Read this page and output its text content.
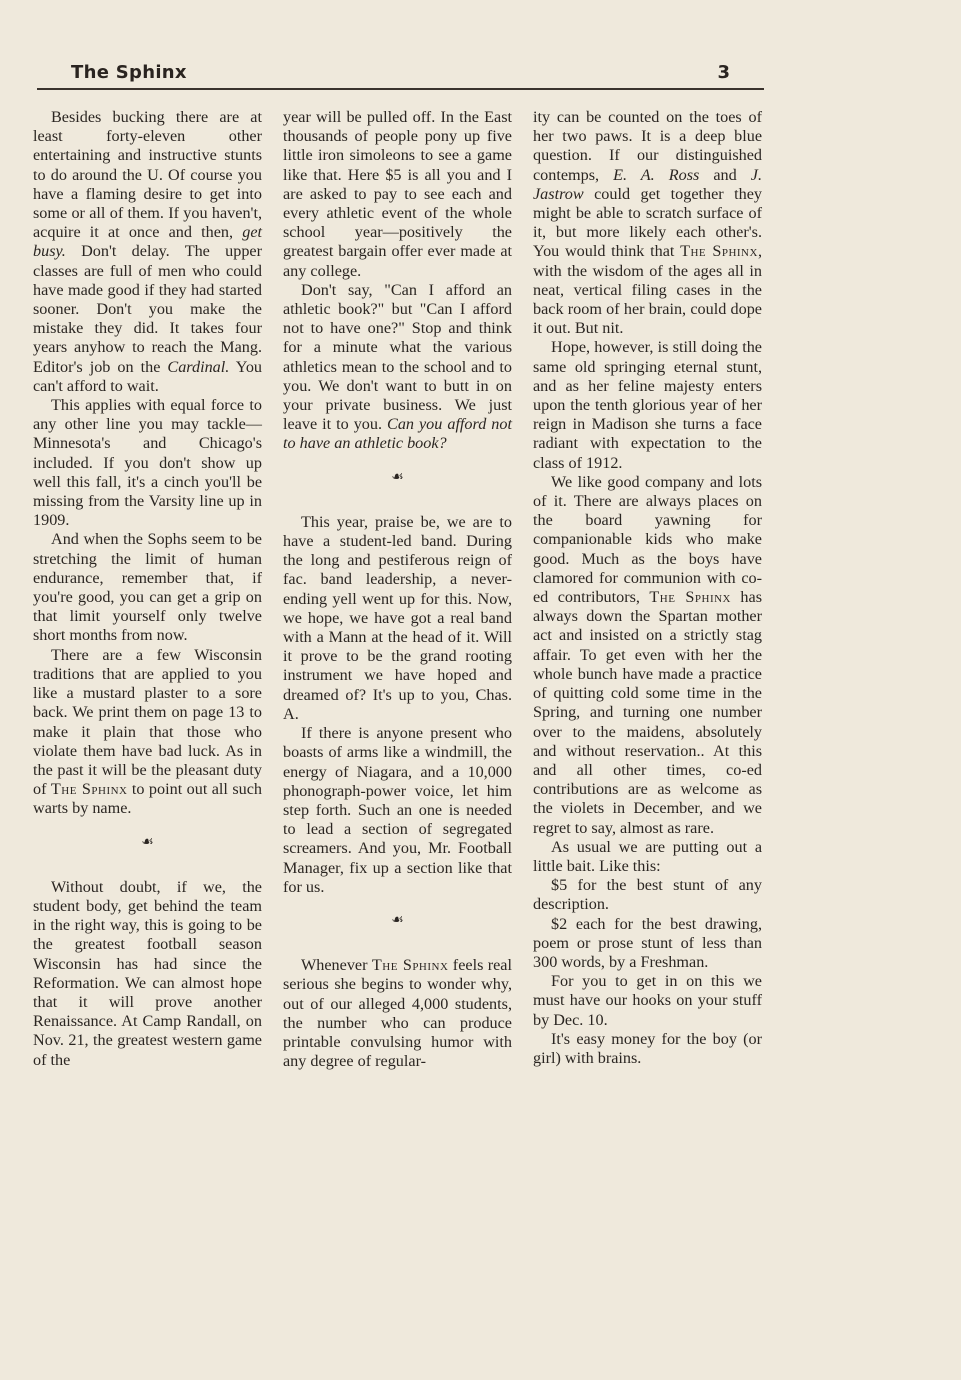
The Sphinx	3

Besides bucking there are at least forty-eleven other entertaining and instructive stunts to do around the U. Of course you have a flaming desire to get into some or all of them. If you haven't, acquire it at once and then, get busy. Don't delay. The upper classes are full of men who could have made good if they had started sooner. Don't you make the mistake they did. It takes four years anyhow to reach the Mang. Editor's job on the Cardinal. You can't afford to wait.

This applies with equal force to any other line you may tackle—Minnesota's and Chicago's included. If you don't show up well this fall, it's a cinch you'll be missing from the Varsity line up in 1909.

And when the Sophs seem to be stretching the limit of human endurance, remember that, if you're good, you can get a grip on that limit yourself only twelve short months from now.

There are a few Wisconsin traditions that are applied to you like a mustard plaster to a sore back. We print them on page 13 to make it plain that those who violate them have bad luck. As in the past it will be the pleasant duty of The Sphinx to point out all such warts by name.

☙

Without doubt, if we, the student body, get behind the team in the right way, this is going to be the greatest football season Wisconsin has had since the Reformation. We can almost hope that it will prove another Renaissance. At Camp Randall, on Nov. 21, the greatest western game of the

year will be pulled off. In the East thousands of people pony up five little iron simoleons to see a game like that. Here $5 is all you and I are asked to pay to see each and every athletic event of the whole school year—positively the greatest bargain offer ever made at any college.

Don't say, "Can I afford an athletic book?" but "Can I afford not to have one?" Stop and think for a minute what the various athletics mean to the school and to you. We don't want to butt in on your private business. We just leave it to you. Can you afford not to have an athletic book?

☙

This year, praise be, we are to have a student-led band. During the long and pestiferous reign of fac. band leadership, a never-ending yell went up for this. Now, we hope, we have got a real band with a Mann at the head of it. Will it prove to be the grand rooting instrument we have hoped and dreamed of? It's up to you, Chas. A.

If there is anyone present who boasts of arms like a windmill, the energy of Niagara, and a 10,000 phonograph-power voice, let him step forth. Such an one is needed to lead a section of segregated screamers. And you, Mr. Football Manager, fix up a section like that for us.

☙

Whenever The Sphinx feels real serious she begins to wonder why, out of our alleged 4,000 students, the number who can produce printable convulsing humor with any degree of regular-

ity can be counted on the toes of her two paws. It is a deep blue question. If our distinguished contemps, E. A. Ross and J. Jastrow could get together they might be able to scratch surface of it, but more likely each other's. You would think that The Sphinx, with the wisdom of the ages all in neat, vertical filing cases in the back room of her brain, could dope it out. But nit.

Hope, however, is still doing the same old springing eternal stunt, and as her feline majesty enters upon the tenth glorious year of her reign in Madison she turns a face radiant with expectation to the class of 1912.

We like good company and lots of it. There are always places on the board yawning for companionable kids who make good. Much as the boys have clamored for communion with co-ed contributors, The Sphinx has always down the Spartan mother act and insisted on a strictly stag affair. To get even with her the whole bunch have made a practice of quitting cold some time in the Spring, and turning one number over to the maidens, absolutely and without reservation.. At this and all other times, co-ed contributions are as welcome as the violets in December, and we regret to say, almost as rare.

As usual we are putting out a little bait. Like this:

$5 for the best stunt of any description.

$2 each for the best drawing, poem or prose stunt of less than 300 words, by a Freshman.

For you to get in on this we must have our hooks on your stuff by Dec. 10.

It's easy money for the boy (or girl) with brains.
